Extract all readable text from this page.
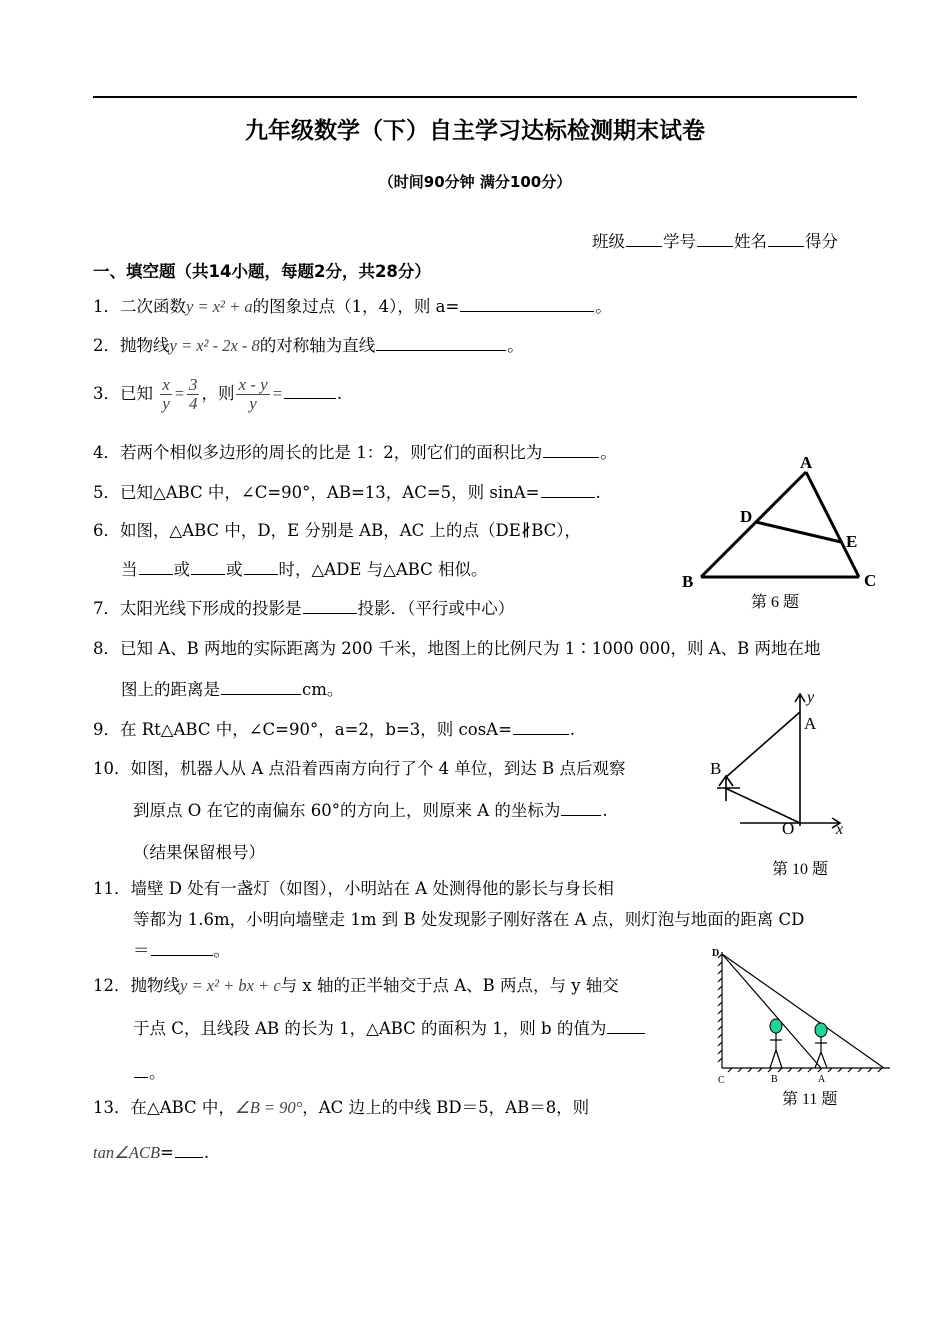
九年级数学（下）自主学习达标检测期末试卷
（时间90分钟 满分100分）
班级 学号 姓名 得分
一、填空题（共14小题，每题2分，共28分）
1．二次函数y = x² + a的图象过点（1，4），则 a=	。
2．抛物线y = x² - 2x - 8的对称轴为直线	。
3．已知 $\frac{x}{y} = \frac{3}{4}$ ，则 $\frac{x - y}{y}$ =	.
4．若两个相似多边形的周长的比是 1：2，则它们的面积比为	。
5．已知△ABC 中，∠C=90°，AB=13，AC=5，则 sinA=	.
6．如图，△ABC 中，D，E 分别是 AB，AC 上的点（DE∦BC），
当 或 或 时，△ADE 与△ABC 相似。
A
B	C
D
E
第 6 题
7．太阳光线下形成的投影是	投影．（平行或中心）
8．已知 A、B 两地的实际距离为 200 千米，地图上的比例尺为 1∶1000 000，则 A、B 两地在地
图上的距离是	cm。
9．在 Rt△ABC 中，∠C=90°，a=2，b=3，则 cosA=	.
10．如图，机器人从 A 点沿着西南方向行了个 4 单位，到达 B 点后观察
到原点 O 在它的南偏东 60°的方向上，则原来 A 的坐标为	.
（结果保留根号）
y
A
B
O	x
第 10 题
11．墙壁 D 处有一盏灯（如图），小明站在 A 处测得他的影长与身长相
等都为 1.6m，小明向墙壁走 1m 到 B 处发现影子刚好落在 A 点，则灯泡与地面的距离 CD
＝	。	D
C	B	A
第 11 题
12．抛物线y = x² + bx + c与 x 轴的正半轴交于点 A、B 两点，与 y 轴交
于点 C，且线段 AB 的长为 1，△ABC 的面积为 1，则 b 的值为
。
13．在△ABC 中，∠B = 90°，AC 边上的中线 BD＝5，AB＝8，则
tan∠ACB= .
